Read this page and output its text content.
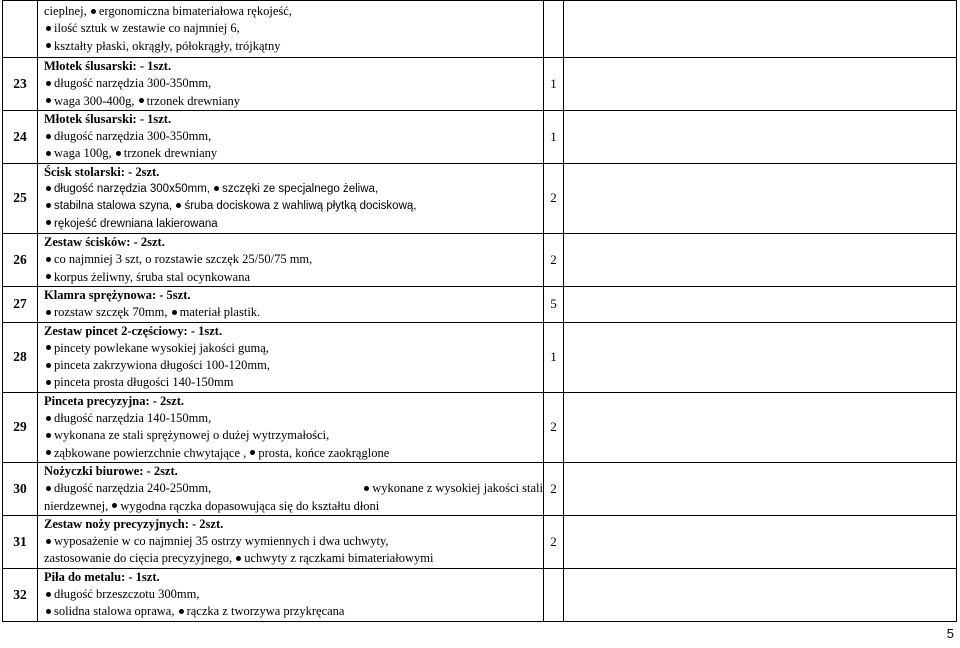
	cieplnej, ergonomiczna bimateriałowa rękojeść,
ilość sztuk w zestawie co najmniej 6,
kształty płaski, okrągły, półokrągły, trójkątny		

23	Młotek ślusarski: - 1szt.
długość narzędzia 300-350mm,
waga 300-400g, trzonek drewniany	1	
24	Młotek ślusarski: - 1szt.
długość narzędzia 300-350mm,
waga 100g, trzonek drewniany	1	
25	Ścisk stolarski: - 2szt.
długość narzędzia 300x50mm, szczęki ze specjalnego żeliwa,
stabilna stalowa szyna, śruba dociskowa z wahliwą płytką dociskową,
rękojeść drewniana lakierowana	2	
26	Zestaw ścisków: - 2szt.
co najmniej 3 szt, o rozstawie szczęk 25/50/75 mm,
korpus żeliwny, śruba stal ocynkowana	2	
27	Klamra sprężynowa: - 5szt.
rozstaw szczęk 70mm, materiał plastik.	5	
28	Zestaw pincet 2-częściowy: - 1szt.
pincety powlekane wysokiej jakości gumą,
pinceta zakrzywiona długości 100-120mm,
pinceta prosta długości 140-150mm	1	
29	Pinceta precyzyjna: - 2szt.
długość narzędzia 140-150mm,
wykonana ze stali sprężynowej o dużej wytrzymałości,
ząbkowane powierzchnie chwytające , prosta, końce zaokrąglone	2	
30	Nożyczki biurowe: - 2szt.
długość narzędzia 240-250mm, wykonane z wysokiej jakości stali
nierdzewnej, wygodna rączka dopasowująca się do kształtu dłoni	2	
31	Zestaw noży precyzyjnych: - 2szt.
wyposażenie w co najmniej 35 ostrzy wymiennych i dwa uchwyty,
zastosowanie do cięcia precyzyjnego, uchwyty z rączkami bimateriałowymi	2	
32	Piła do metalu: - 1szt.
długość brzeszczotu 300mm,
solidna stalowa oprawa, rączka z tworzywa przykręcana		

5
